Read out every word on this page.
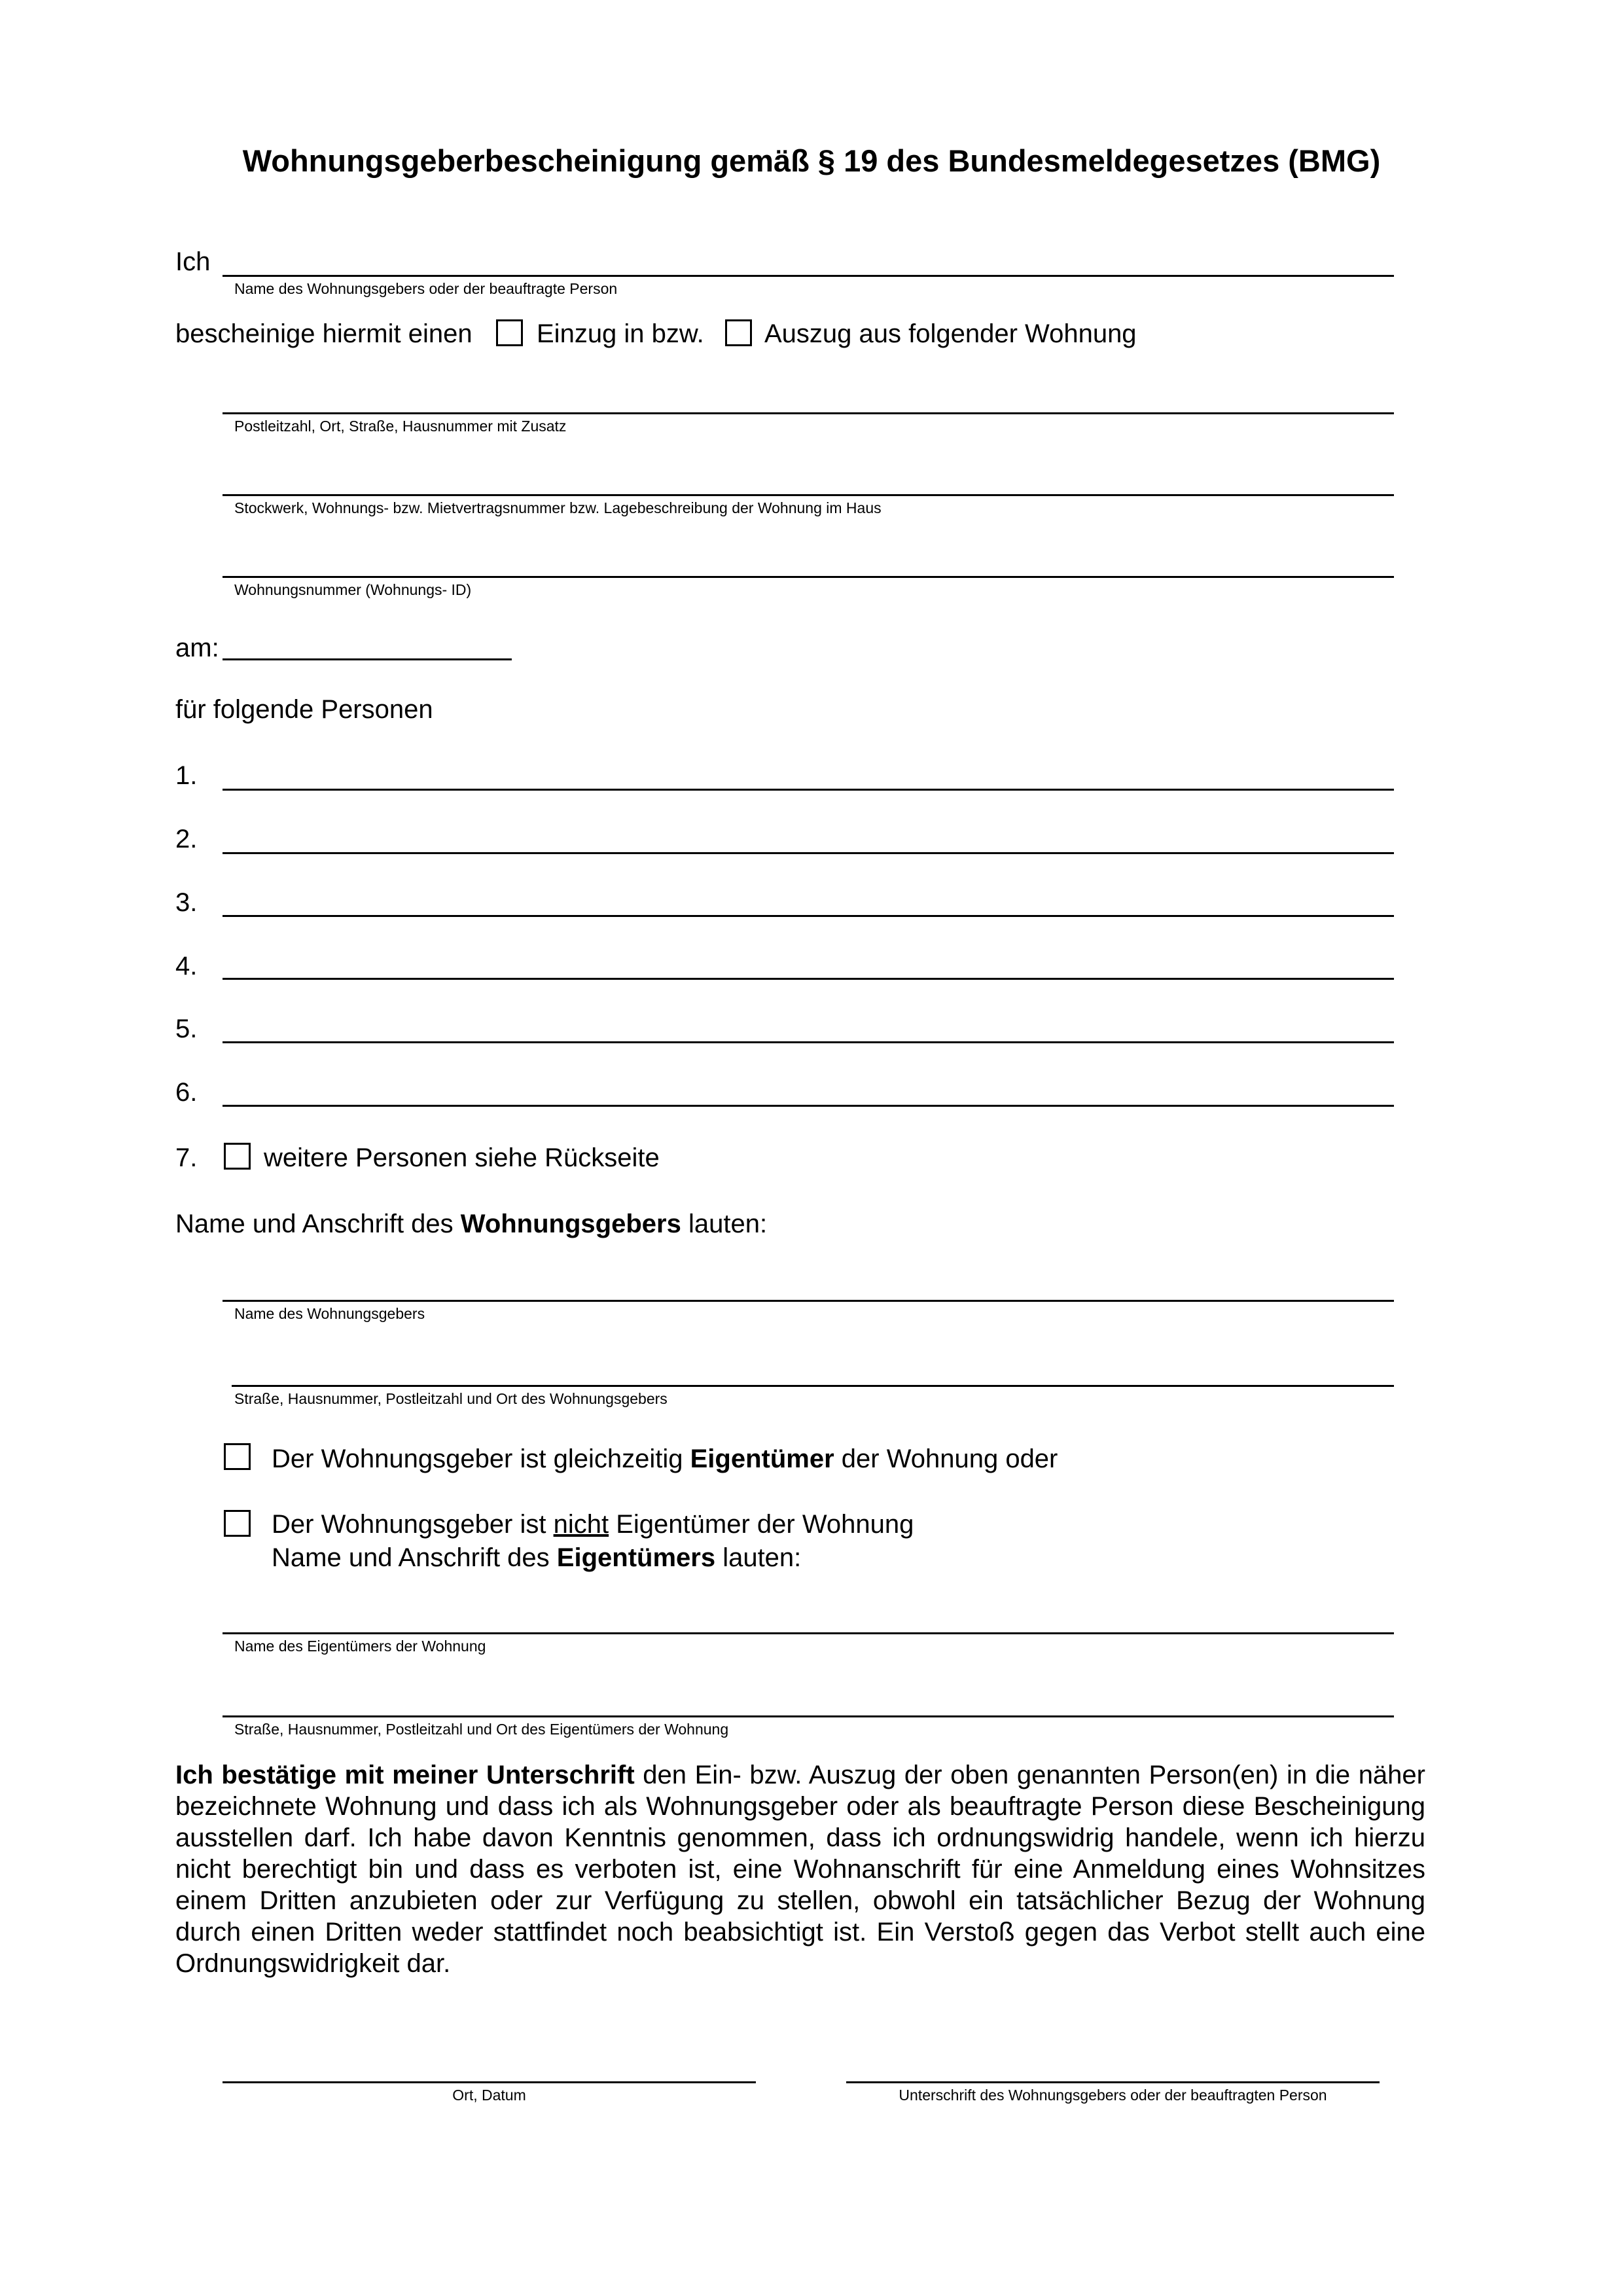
Wohnungsgeberbescheinigung gemäß § 19 des Bundesmeldegesetzes (BMG)
Ich
Name des Wohnungsgebers oder der beauftragte Person
bescheinige hiermit einen Einzug in bzw. Auszug aus folgender Wohnung
Postleitzahl, Ort, Straße, Hausnummer mit Zusatz
Stockwerk, Wohnungs- bzw. Mietvertragsnummer bzw. Lagebeschreibung der Wohnung im Haus
Wohnungsnummer (Wohnungs- ID)
am:
für folgende Personen
1.
2.
3.
4.
5.
6.
7.	weitere Personen siehe Rückseite
Name und Anschrift des Wohnungsgebers lauten:
Name des Wohnungsgebers
Straße, Hausnummer, Postleitzahl und Ort des Wohnungsgebers
Der Wohnungsgeber ist gleichzeitig Eigentümer der Wohnung oder
Der Wohnungsgeber ist nicht Eigentümer der Wohnung
Name und Anschrift des Eigentümers lauten:
Name des Eigentümers der Wohnung
Straße, Hausnummer, Postleitzahl und Ort des Eigentümers der Wohnung
Ich bestätige mit meiner Unterschrift den Ein- bzw. Auszug der oben genannten Person(en) in die näher bezeichnete Wohnung und dass ich als Wohnungsgeber oder als beauftragte Person diese Bescheinigung ausstellen darf. Ich habe davon Kenntnis genommen, dass ich ordnungswidrig handele, wenn ich hierzu nicht berechtigt bin und dass es verboten ist, eine Wohnanschrift für eine Anmeldung eines Wohnsitzes einem Dritten anzubieten oder zur Verfügung zu stellen, obwohl ein tatsächlicher Bezug der Wohnung durch einen Dritten weder stattfindet noch beabsichtigt ist. Ein Verstoß gegen das Verbot stellt auch eine Ordnungswidrigkeit dar.
Ort, Datum	Unterschrift des Wohnungsgebers oder der beauftragten Person
